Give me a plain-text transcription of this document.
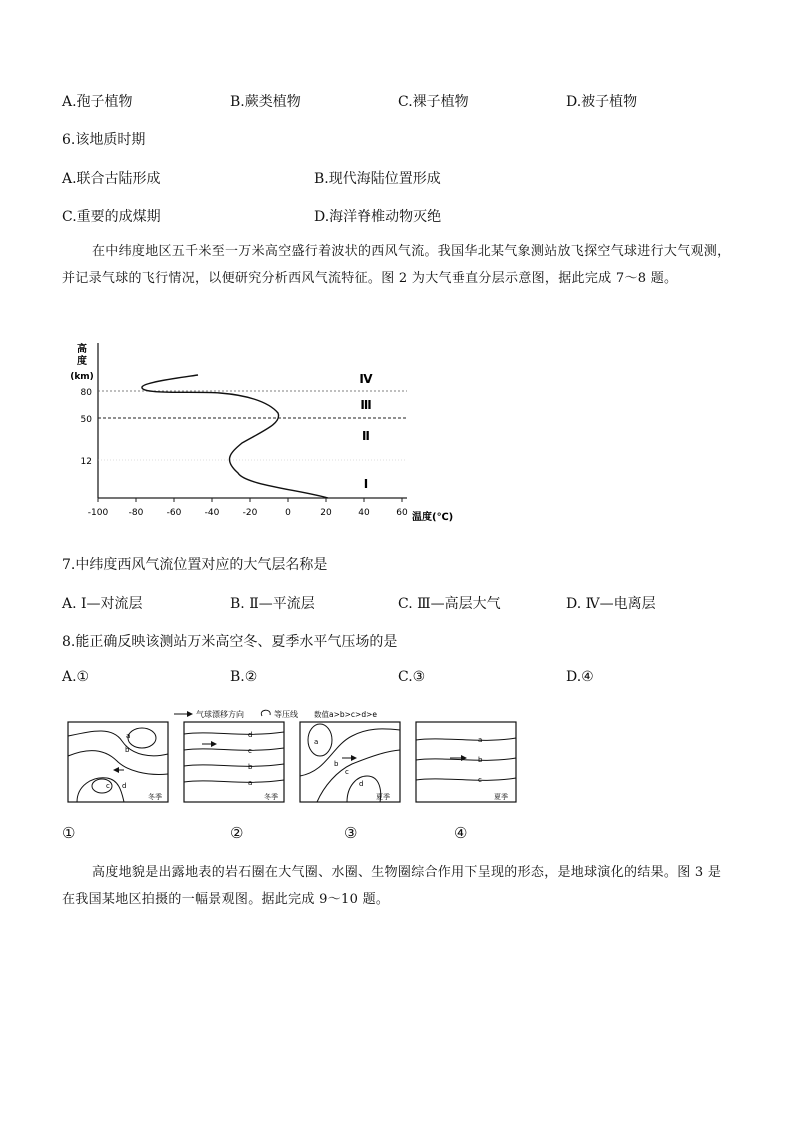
A.孢子植物	B.蕨类植物	C.裸子植物	D.被子植物
6.该地质时期
A.联合古陆形成	B.现代海陆位置形成
C.重要的成煤期	D.海洋脊椎动物灭绝
在中纬度地区五千米至一万米高空盛行着波状的西风气流。我国华北某气象测站放飞探空气球进行大气观测，并记录气球的飞行情况，以便研究分析西风气流特征。图 2 为大气垂直分层示意图，据此完成 7～8 题。
高
度
(km)
80
50
12
-100 -80	-60	-40	-20	0	20	40	60 温度(℃)
Ⅳ
Ⅲ
Ⅱ
Ⅰ
7.中纬度西风气流位置对应的大气层名称是
A. Ⅰ—对流层	B. Ⅱ—平流层	C. Ⅲ—高层大气	D. Ⅳ—电离层
8.能正确反映该测站万米高空冬、夏季水平气压场的是
A.①	B.②	C.③	D.④
气球漂移方向	等压线 数值a>b>c>d>e
a
b
c d
冬季
d
c
b
a
冬季
a
b
c
d
夏季
a
b
c
夏季
①	②	③	④
高度地貌是出露地表的岩石圈在大气圈、水圈、生物圈综合作用下呈现的形态，是地球演化的结果。图 3 是在我国某地区拍摄的一幅景观图。据此完成 9～10 题。
